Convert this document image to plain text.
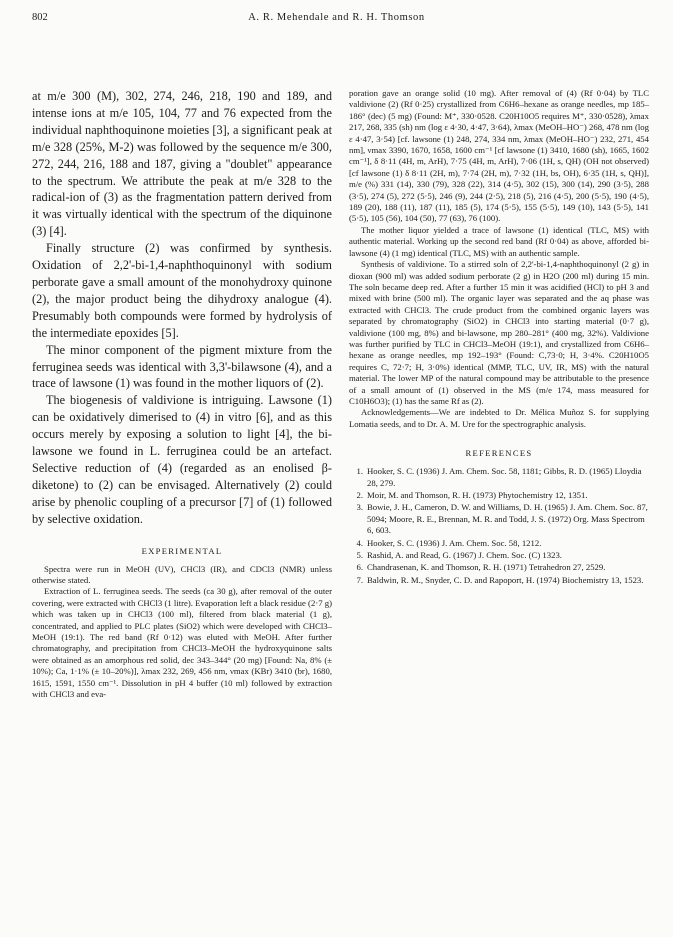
802	A. R. Mehendale and R. H. Thomson

at m/e 300 (M), 302, 274, 246, 218, 190 and 189, and intense ions at m/e 105, 104, 77 and 76 expected from the individual naphthoquinone moieties [3], a significant peak at m/e 328 (25%, M-2) was followed by the sequence m/e 300, 272, 244, 216, 188 and 187, giving a "doublet" appearance to the spectrum. We attribute the peak at m/e 328 to the radical-ion of (3) as the fragmentation pattern derived from it was virtually identical with the spectrum of the diquinone (3) [4].

Finally structure (2) was confirmed by synthesis. Oxidation of 2,2'-bi-1,4-naphthoquinonyl with sodium perborate gave a small amount of the monohydroxy quinone (2), the major product being the dihydroxy analogue (4). Presumably both compounds were formed by hydrolysis of the intermediate epoxides [5].

The minor component of the pigment mixture from the ferruginea seeds was identical with 3,3'-bilawsone (4), and a trace of lawsone (1) was found in the mother liquors of (2).

The biogenesis of valdivione is intriguing. Lawsone (1) can be oxidatively dimerised to (4) in vitro [6], and as this occurs merely by exposing a solution to light [4], the bi-lawsone we found in L. ferruginea could be an artefact. Selective reduction of (4) (regarded as an enolised β-diketone) to (2) can be envisaged. Alternatively (2) could arise by phenolic coupling of a precursor [7] of (1) followed by selective oxidation.

EXPERIMENTAL

Spectra were run in MeOH (UV), CHCl3 (IR), and CDCl3 (NMR) unless otherwise stated.

Extraction of L. ferruginea seeds. The seeds (ca 30 g), after removal of the outer covering, were extracted with CHCl3 (1 litre). Evaporation left a black residue (2·7 g) which was taken up in CHCl3 (100 ml), filtered from black material (1 g), concentrated, and applied to PLC plates (SiO2) which were developed with CHCl3–MeOH (19:1). The red band (Rf 0·12) was eluted with MeOH. After further chromatography, and precipitation from CHCl3–MeOH the hydroxyquinone salts were obtained as an amorphous red solid, dec 343–344° (20 mg) [Found: Na, 8% (± 10%); Ca, 1·1% (± 10–20%)], λmax 232, 269, 456 nm, νmax (KBr) 3410 (br), 1680, 1615, 1591, 1550 cm⁻¹. Dissolution in pH 4 buffer (10 ml) followed by extraction with CHCl3 and eva-

poration gave an orange solid (10 mg). After removal of (4) (Rf 0·04) by TLC valdivione (2) (Rf 0·25) crystallized from C6H6–hexane as orange needles, mp 185–186° (dec) (5 mg) (Found: M⁺, 330·0528. C20H10O5 requires M⁺, 330·0528), λmax 217, 268, 335 (sh) nm (log ε 4·30, 4·47, 3·64), λmax (MeOH–HO⁻) 268, 478 nm (log ε 4·47, 3·54) [cf. lawsone (1) 248, 274, 334 nm, λmax (MeOH–HO⁻) 232, 271, 454 nm], νmax 3390, 1670, 1658, 1600 cm⁻¹ [cf lawsone (1) 3410, 1680 (sh), 1665, 1602 cm⁻¹], δ 8·11 (4H, m, ArH), 7·75 (4H, m, ArH), 7·06 (1H, s, QH) (OH not observed) [cf lawsone (1) δ 8·11 (2H, m), 7·74 (2H, m), 7·32 (1H, bs, OH), 6·35 (1H, s, QH)], m/e (%) 331 (14), 330 (79), 328 (22), 314 (4·5), 302 (15), 300 (14), 290 (3·5), 288 (3·5), 274 (5), 272 (5·5), 246 (9), 244 (2·5), 218 (5), 216 (4·5), 200 (5·5), 190 (4·5), 189 (20), 188 (11), 187 (11), 185 (5), 174 (5·5), 155 (5·5), 149 (10), 143 (5·5), 141 (5·5), 105 (56), 104 (50), 77 (63), 76 (100).

The mother liquor yielded a trace of lawsone (1) identical (TLC, MS) with authentic material. Working up the second red band (Rf 0·04) as above, afforded bi-lawsone (4) (1 mg) identical (TLC, MS) with an authentic sample.

Synthesis of valdivione. To a stirred soln of 2,2'-bi-1,4-naphthoquinonyl (2 g) in dioxan (900 ml) was added sodium perborate (2 g) in H2O (200 ml) during 15 min. The soln became deep red. After a further 15 min it was acidified (HCl) to pH 3 and mixed with brine (500 ml). The organic layer was separated and the aq phase was extracted with CHCl3. The crude product from the combined organic layers was separated by chromatography (SiO2) in CHCl3 into starting material (0·7 g), valdivione (100 mg, 8%) and bi-lawsone, mp 280–281° (400 mg, 32%). Valdivione was further purified by TLC in CHCl3–MeOH (19:1), and crystallized from C6H6–hexane as orange needles, mp 192–193° (Found: C,73·0; H, 3·4%. C20H10O5 requires C, 72·7; H, 3·0%) identical (MMP, TLC, UV, IR, MS) with the natural material. The lower MP of the natural compound may be attributable to the presence of a small amount of (1) observed in the MS (m/e 174, mass measured for C10H6O3); (1) has the same Rf as (2).

Acknowledgements—We are indebted to Dr. Mélica Muñoz S. for supplying Lomatia seeds, and to Dr. A. M. Ure for the spectrographic analysis.

REFERENCES
1. Hooker, S. C. (1936) J. Am. Chem. Soc. 58, 1181; Gibbs, R. D. (1965) Lloydia 28, 279.
2. Moir, M. and Thomson, R. H. (1973) Phytochemistry 12, 1351.
3. Bowie, J. H., Cameron, D. W. and Williams, D. H. (1965) J. Am. Chem. Soc. 87, 5094; Moore, R. E., Brennan, M. R. and Todd, J. S. (1972) Org. Mass Spectrom 6, 603.
4. Hooker, S. C. (1936) J. Am. Chem. Soc. 58, 1212.
5. Rashid, A. and Read, G. (1967) J. Chem. Soc. (C) 1323.
6. Chandrasenan, K. and Thomson, R. H. (1971) Tetrahedron 27, 2529.
7. Baldwin, R. M., Snyder, C. D. and Rapoport, H. (1974) Biochemistry 13, 1523.
